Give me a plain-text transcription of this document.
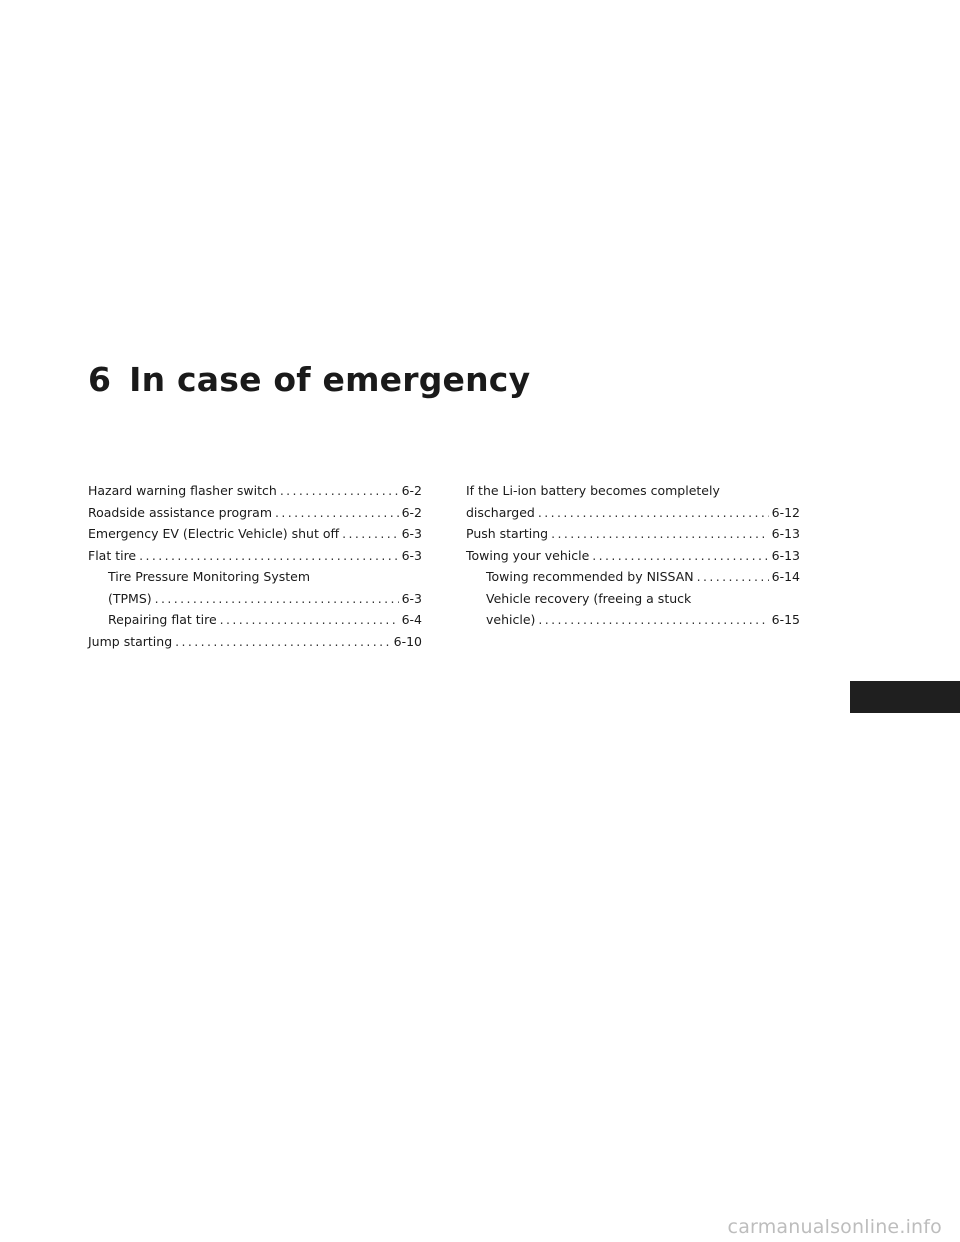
6 In case of emergency
Hazard warning flasher switch .....	6-2
Roadside assistance program .....	6-2
Emergency EV (Electric Vehicle) shut off .....	6-3
Flat tire .....	6-3
Tire Pressure Monitoring System
(TPMS) .....	6-3
Repairing flat tire .....	6-4
Jump starting .....	6-10
If the Li-ion battery becomes completely
discharged .....	6-12
Push starting .....	6-13
Towing your vehicle .....	6-13
Towing recommended by NISSAN .....	6-14
Vehicle recovery (freeing a stuck
vehicle) .....	6-15
carmanualsonline.info
